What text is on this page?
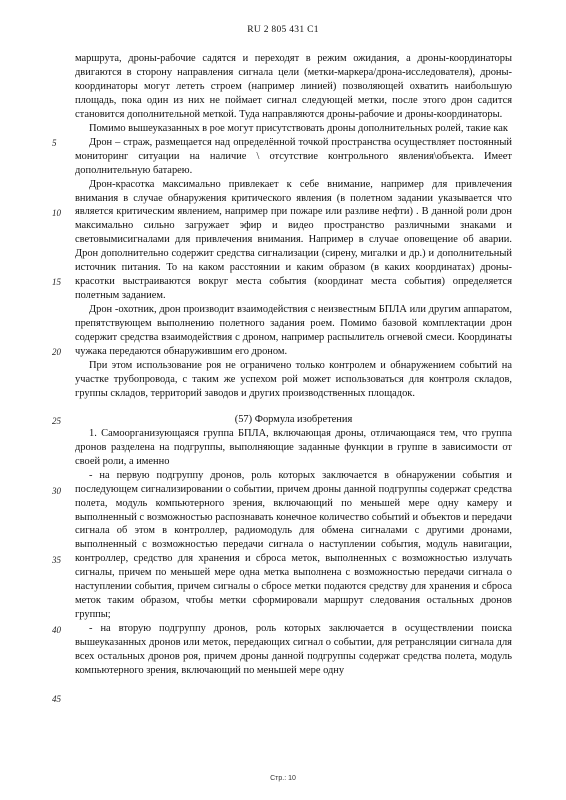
RU 2 805 431 C1
5
10
15
20
25
30
35
40
45

маршрута, дроны-рабочие садятся и переходят в режим ожидания, а дроны-координаторы двигаются в сторону направления сигнала цели (метки-маркера/дрона-исследователя), дроны-координаторы могут лететь строем (например линией) позволяющей охватить наибольшую площадь, пока один из них не поймает сигнал следующей метки, после этого дрон садится становится дополнительной меткой. Туда направляются дроны-рабочие и дроны-координаторы.

Помимо вышеуказанных в рое могут присутствовать дроны дополнительных ролей, такие как

Дрон – страж, размещается над определённой точкой пространства осуществляет постоянный мониторинг ситуации на наличие \ отсутствие контрольного явления\объекта. Имеет дополнительную батарею.

Дрон-красотка максимально привлекает к себе внимание, например для привлечения внимания в случае обнаружения критического явления (в полетном задании указывается что является критическим явлением, например при пожаре или разливе нефти) . В данной роли дрон максимально сильно загружает эфир и видео пространство различными знаками и световымисигналами для привлечения внимания. Например в случае оповещение об аварии. Дрон дополнительно содержит средства сигнализации (сирену, мигалки и др.) и дополнительный источник питания. То на каком расстоянии и каким образом (в каких координатах) дроны-красотки выстраиваются вокруг места события (координат места события) определяется полетным заданием.

Дрон -охотник, дрон производит взаимодействия с неизвестным БПЛА или другим аппаратом, препятствующем выполнению полетного задания роем. Помимо базовой комплектации дрон содержит средства взаимодействия с дроном, например распылитель огневой смеси. Координаты чужака передаются обнаружившим его дроном.

При этом использование роя не ограничено только контролем и обнаружением событий на участке трубопровода, с таким же успехом рой может использоваться для контроля складов, группы складов, территорий заводов и других производственных площадок.

(57) Формула изобретения

1. Самоорганизующаяся группа БПЛА, включающая дроны, отличающаяся тем, что группа дронов разделена на подгруппы, выполняющие заданные функции в группе в зависимости от своей роли, а именно

- на первую подгруппу дронов, роль которых заключается в обнаружении события и последующем сигнализировании о событии, причем дроны данной подгруппы содержат средства полета, модуль компьютерного зрения, включающий по меньшей мере одну камеру и выполненный с возможностью распознавать конечное количество событий и объектов и передачи сигнала об этом в контроллер, радиомодуль для обмена сигналами с другими дронами, выполненный с возможностью передачи сигнала о наступлении события, модуль навигации, контроллер, средство для хранения и сброса меток, выполненных с возможностью излучать сигналы, причем по меньшей мере одна метка выполнена с возможностью передачи сигнала о наступлении события, причем сигналы о сбросе метки подаются средству для хранения и сброса меток таким образом, чтобы метки сформировали маршрут следования остальных дронов группы;

- на вторую подгруппу дронов, роль которых заключается в осуществлении поиска вышеуказанных дронов или меток, передающих сигнал о событии, для ретрансляции сигнала для всех остальных дронов роя, причем дроны данной подгруппы содержат средства полета, модуль компьютерного зрения, включающий по меньшей мере одну

Стр.: 10
